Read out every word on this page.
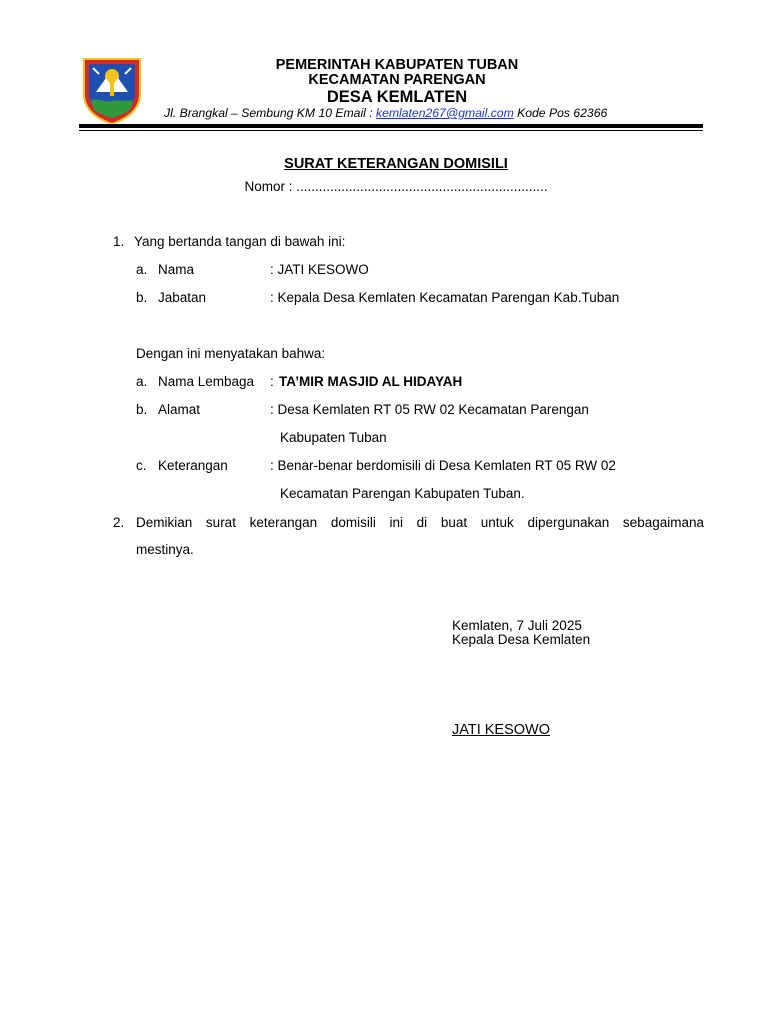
PEMERINTAH KABUPATEN TUBAN
KECAMATAN PARENGAN
DESA KEMLATEN
Jl. Brangkal – Sembung KM 10 Email : kemlaten267@gmail.com Kode Pos 62366
SURAT KETERANGAN DOMISILI
Nomor : ...................................................................
1. Yang bertanda tangan di bawah ini:
a. Nama	: JATI KESOWO
b. Jabatan	: Kepala Desa Kemlaten Kecamatan Parengan Kab.Tuban
Dengan ini menyatakan bahwa:
a. Nama Lembaga : TA’MIR MASJID AL HIDAYAH
b. Alamat	: Desa Kemlaten RT 05 RW 02 Kecamatan Parengan
Kabupaten Tuban
c. Keterangan	: Benar-benar berdomisili di Desa Kemlaten RT 05 RW 02
Kecamatan Parengan Kabupaten Tuban.
2. Demikian surat keterangan domisili ini di buat untuk dipergunakan sebagaimana
mestinya.
Kemlaten, 7 Juli 2025
Kepala Desa Kemlaten
JATI KESOWO
